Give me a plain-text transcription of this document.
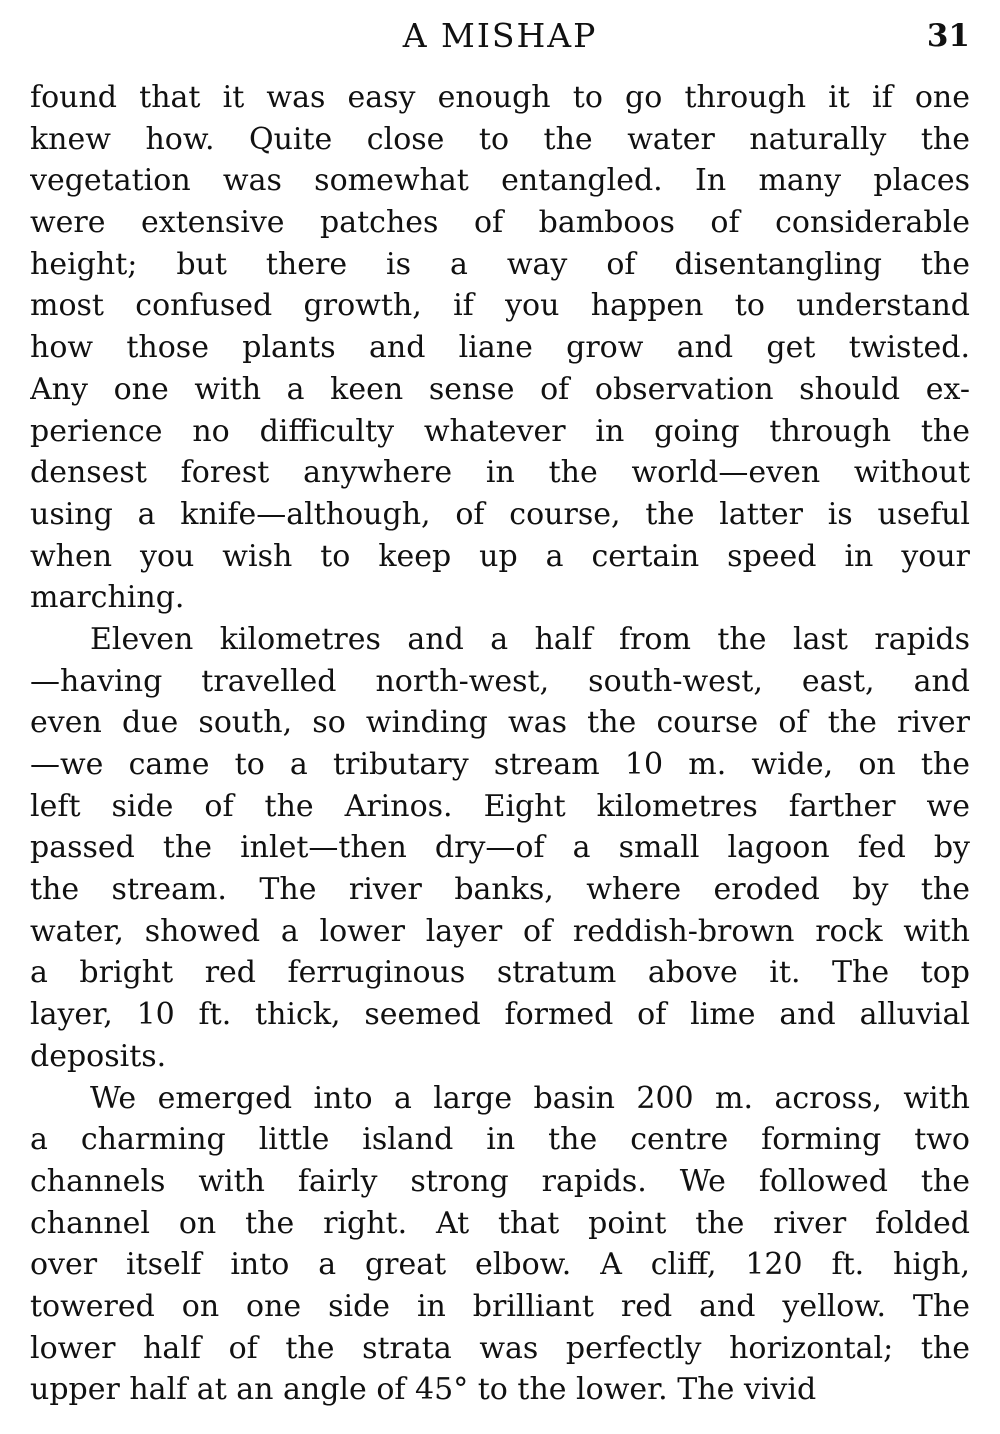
A MISHAP	31
found that it was easy enough to go through it if one
knew how. Quite close to the water naturally the
vegetation was somewhat entangled. In many places
were extensive patches of bamboos of considerable
height; but there is a way of disentangling the
most confused growth, if you happen to understand
how those plants and liane grow and get twisted.
Any one with a keen sense of observation should ex-
perience no difficulty whatever in going through the
densest forest anywhere in the world—even without
using a knife—although, of course, the latter is useful
when you wish to keep up a certain speed in your
marching.
Eleven kilometres and a half from the last rapids
—having travelled north-west, south-west, east, and
even due south, so winding was the course of the river
—we came to a tributary stream 10 m. wide, on the
left side of the Arinos. Eight kilometres farther we
passed the inlet—then dry—of a small lagoon fed by
the stream. The river banks, where eroded by the
water, showed a lower layer of reddish-brown rock with
a bright red ferruginous stratum above it. The top
layer, 10 ft. thick, seemed formed of lime and alluvial
deposits.
We emerged into a large basin 200 m. across, with
a charming little island in the centre forming two
channels with fairly strong rapids. We followed the
channel on the right. At that point the river folded
over itself into a great elbow. A cliff, 120 ft. high,
towered on one side in brilliant red and yellow. The
lower half of the strata was perfectly horizontal; the
upper half at an angle of 45° to the lower. The vivid
